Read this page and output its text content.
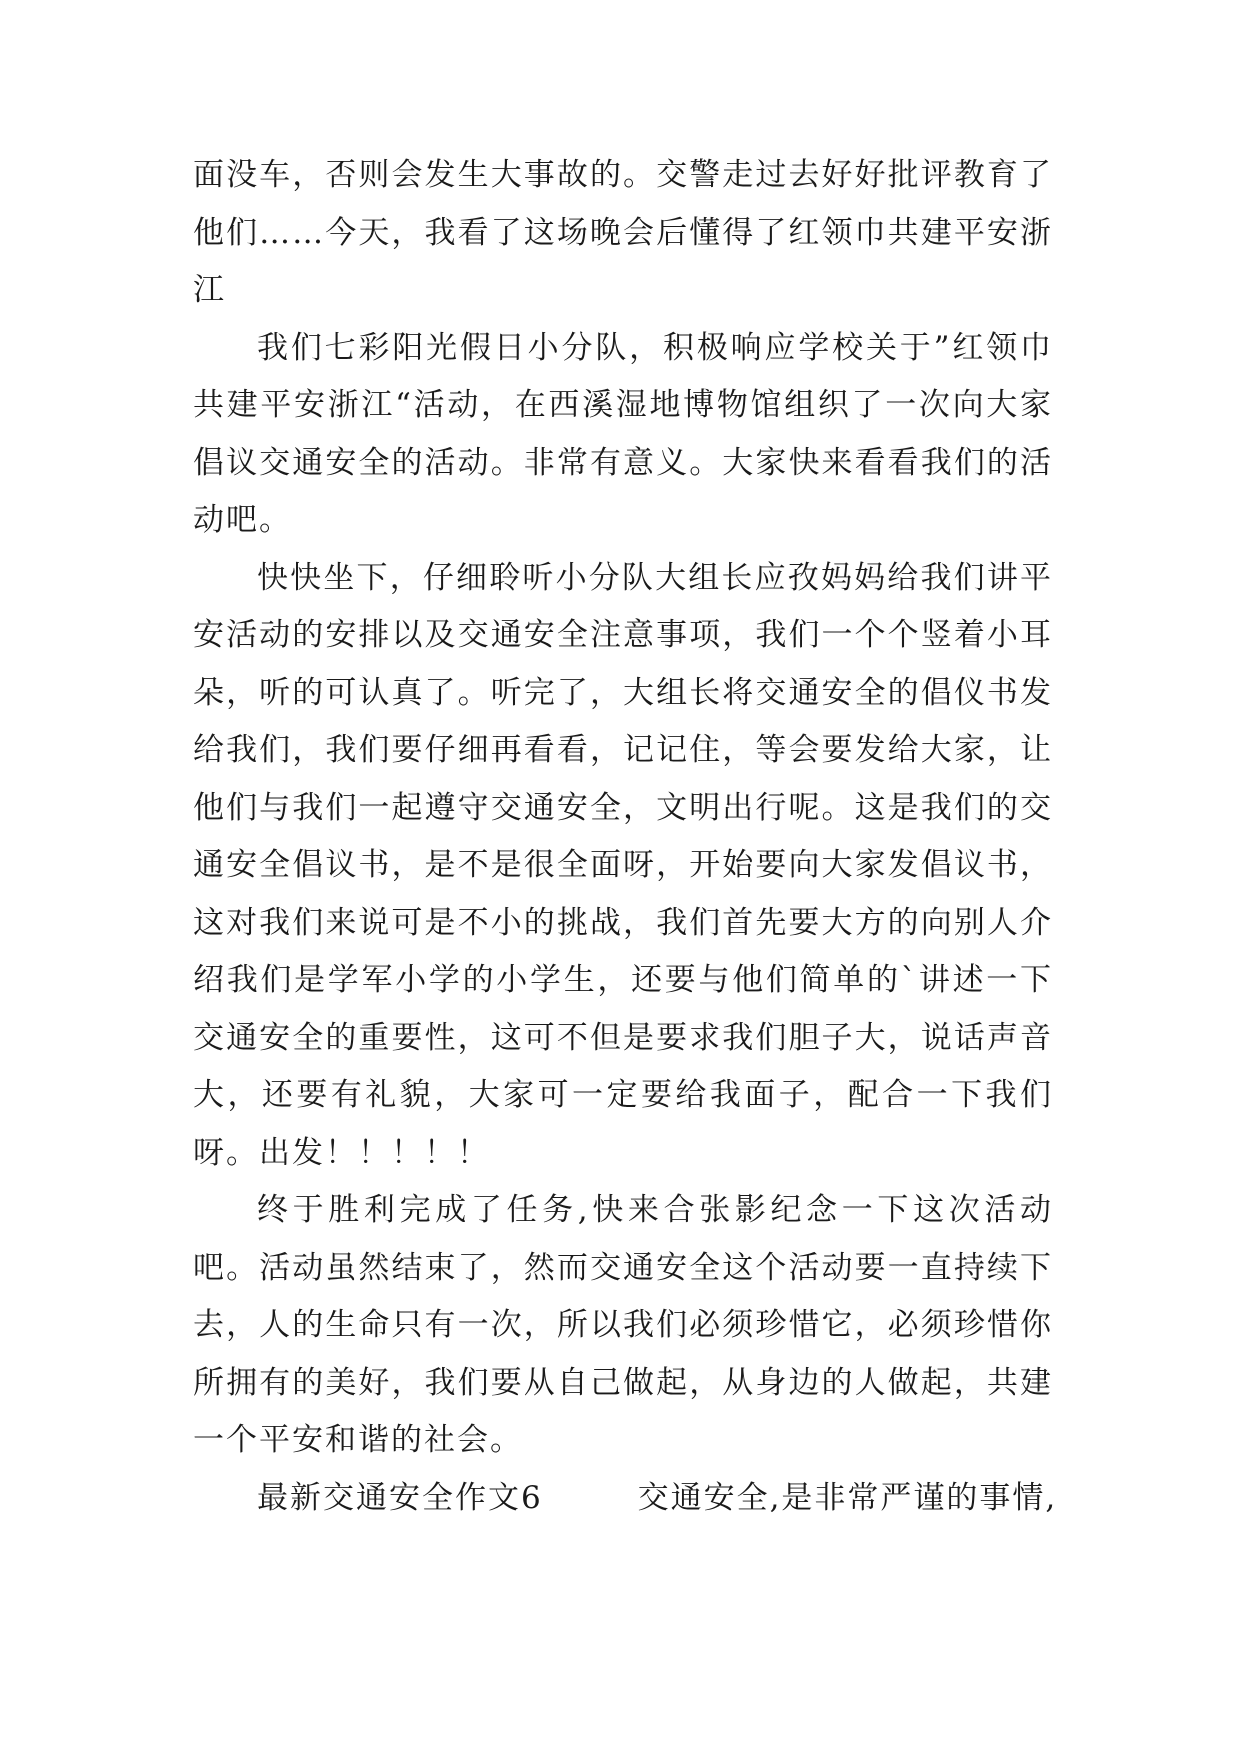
面没车，否则会发生大事故的。交警走过去好好批评教育了他们……今天，我看了这场晚会后懂得了红领巾共建平安浙江

我们七彩阳光假日小分队，积极响应学校关于”红领巾共建平安浙江“活动，在西溪湿地博物馆组织了一次向大家倡议交通安全的活动。非常有意义。大家快来看看我们的活动吧。

快快坐下，仔细聆听小分队大组长应孜妈妈给我们讲平安活动的安排以及交通安全注意事项，我们一个个竖着小耳朵，听的可认真了。听完了，大组长将交通安全的倡仪书发给我们，我们要仔细再看看，记记住，等会要发给大家，让他们与我们一起遵守交通安全，文明出行呢。这是我们的交通安全倡议书，是不是很全面呀，开始要向大家发倡议书，这对我们来说可是不小的挑战，我们首先要大方的向别人介绍我们是学军小学的小学生，还要与他们简单的`讲述一下交通安全的重要性，这可不但是要求我们胆子大，说话声音大，还要有礼貌，大家可一定要给我面子，配合一下我们呀。出发！！！！！

终于胜利完成了任务,快来合张影纪念一下这次活动吧。活动虽然结束了，然而交通安全这个活动要一直持续下去，人的生命只有一次，所以我们必须珍惜它，必须珍惜你所拥有的美好，我们要从自己做起，从身边的人做起，共建一个平安和谐的社会。

最新交通安全作文6	交通安全,是非常严谨的事情,
